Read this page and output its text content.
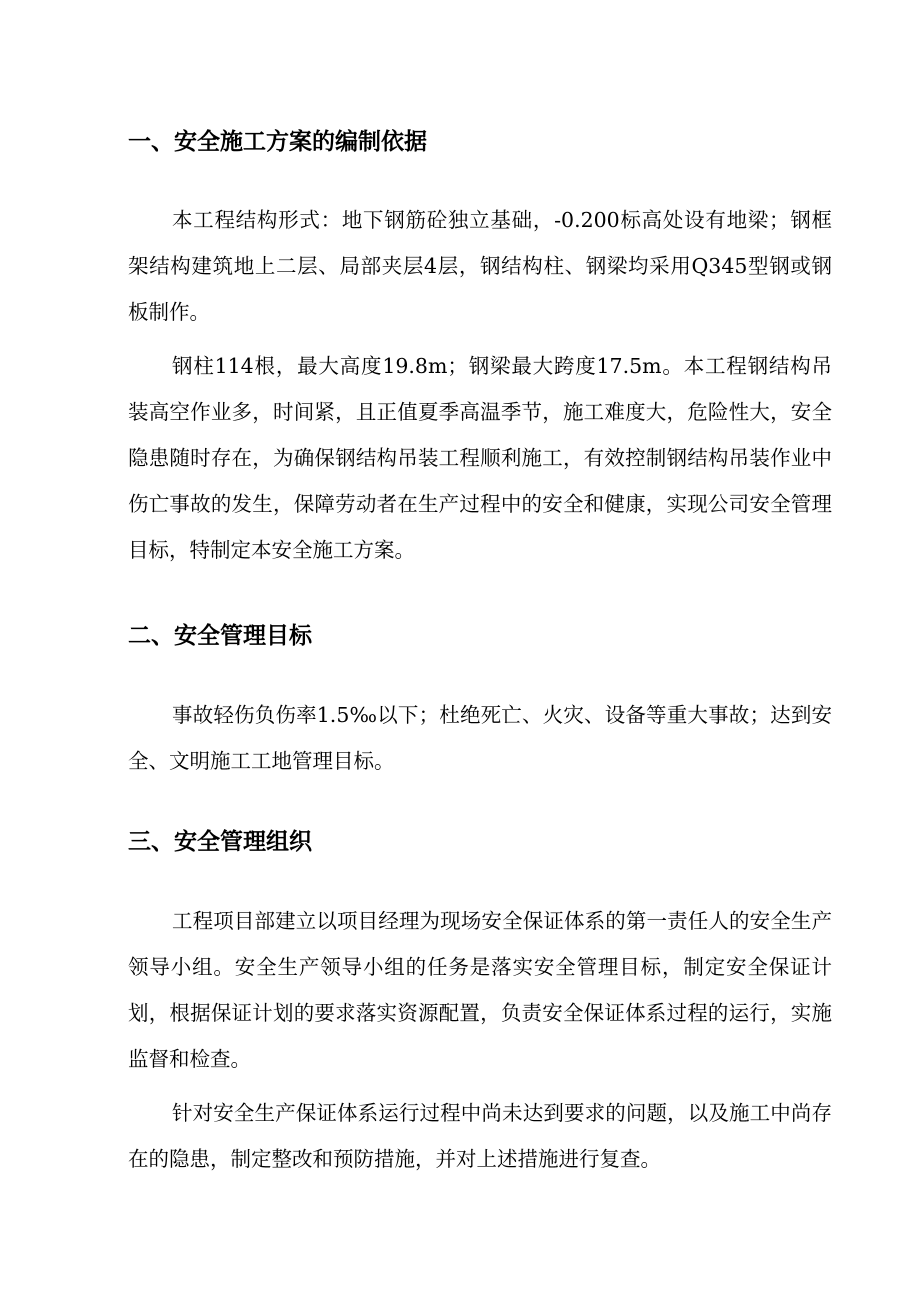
一、安全施工方案的编制依据

本工程结构形式：地下钢筋砼独立基础，-0.200标高处设有地梁；钢框架结构建筑地上二层、局部夹层4层，钢结构柱、钢梁均采用Q345型钢或钢板制作。

钢柱114根，最大高度19.8m；钢梁最大跨度17.5m。本工程钢结构吊装高空作业多，时间紧，且正值夏季高温季节，施工难度大，危险性大，安全隐患随时存在，为确保钢结构吊装工程顺利施工，有效控制钢结构吊装作业中伤亡事故的发生，保障劳动者在生产过程中的安全和健康，实现公司安全管理目标，特制定本安全施工方案。

二、安全管理目标

事故轻伤负伤率1.5‰以下；杜绝死亡、火灾、设备等重大事故；达到安全、文明施工工地管理目标。

三、安全管理组织

工程项目部建立以项目经理为现场安全保证体系的第一责任人的安全生产领导小组。安全生产领导小组的任务是落实安全管理目标，制定安全保证计划，根据保证计划的要求落实资源配置，负责安全保证体系过程的运行，实施监督和检查。

针对安全生产保证体系运行过程中尚未达到要求的问题，以及施工中尚存在的隐患，制定整改和预防措施，并对上述措施进行复查。
